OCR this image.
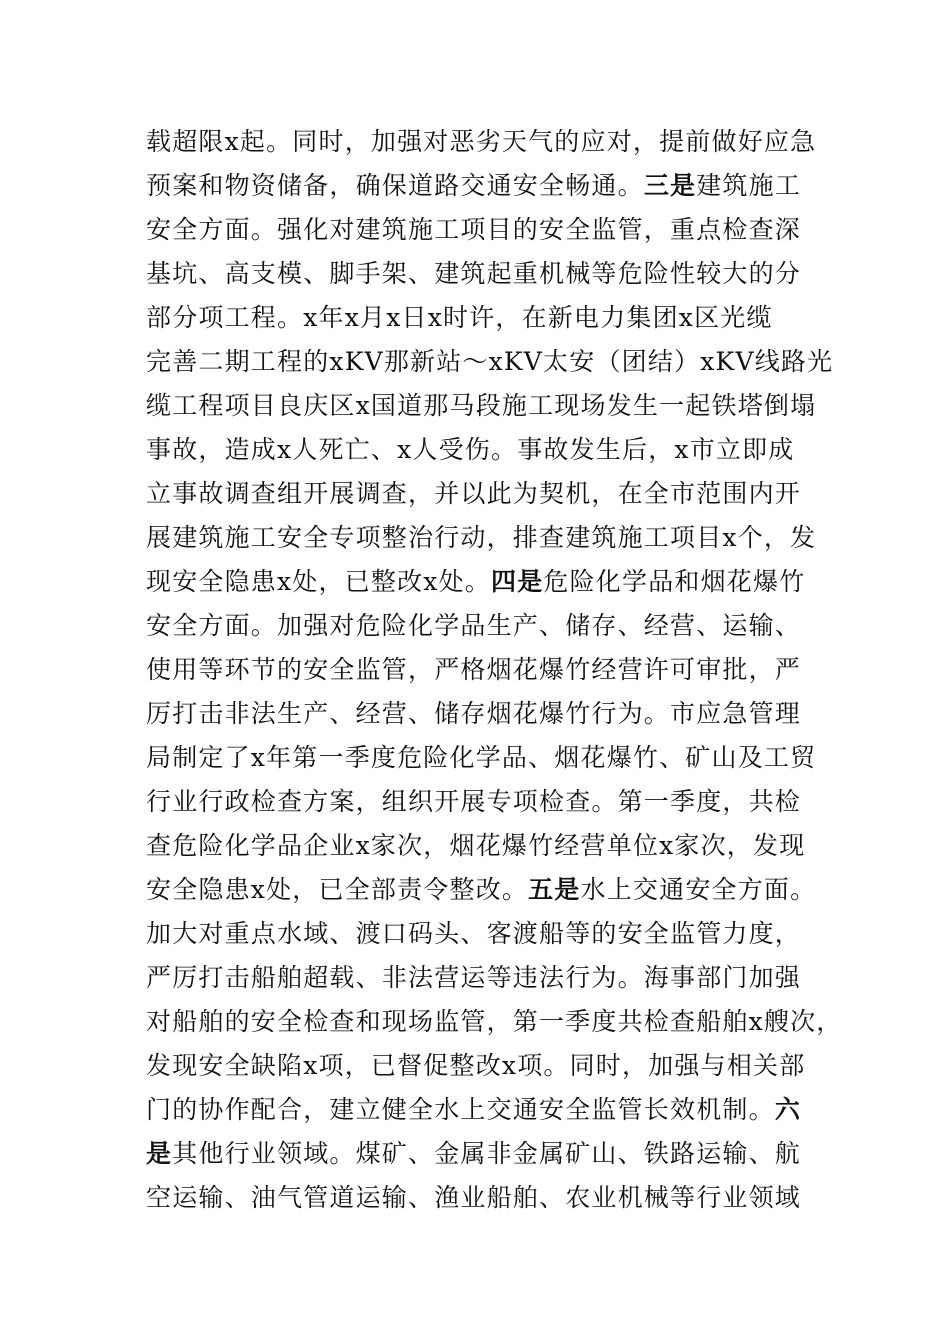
载超限x起。同时，加强对恶劣天气的应对，提前做好应急
预案和物资储备，确保道路交通安全畅通。三是建筑施工
安全方面。强化对建筑施工项目的安全监管，重点检查深
基坑、高支模、脚手架、建筑起重机械等危险性较大的分
部分项工程。x年x月x日x时许，在新电力集团x区光缆
完善二期工程的xKV那新站～xKV太安（团结）xKV线路光
缆工程项目良庆区x国道那马段施工现场发生一起铁塔倒塌
事故，造成x人死亡、x人受伤。事故发生后，x市立即成
立事故调查组开展调查，并以此为契机，在全市范围内开
展建筑施工安全专项整治行动，排查建筑施工项目x个，发
现安全隐患x处，已整改x处。四是危险化学品和烟花爆竹
安全方面。加强对危险化学品生产、储存、经营、运输、
使用等环节的安全监管，严格烟花爆竹经营许可审批，严
厉打击非法生产、经营、储存烟花爆竹行为。市应急管理
局制定了x年第一季度危险化学品、烟花爆竹、矿山及工贸
行业行政检查方案，组织开展专项检查。第一季度，共检
查危险化学品企业x家次，烟花爆竹经营单位x家次，发现
安全隐患x处，已全部责令整改。五是水上交通安全方面。
加大对重点水域、渡口码头、客渡船等的安全监管力度，
严厉打击船舶超载、非法营运等违法行为。海事部门加强
对船舶的安全检查和现场监管，第一季度共检查船舶x艘次，
发现安全缺陷x项，已督促整改x项。同时，加强与相关部
门的协作配合，建立健全水上交通安全监管长效机制。六
是其他行业领域。煤矿、金属非金属矿山、铁路运输、航
空运输、油气管道运输、渔业船舶、农业机械等行业领域
